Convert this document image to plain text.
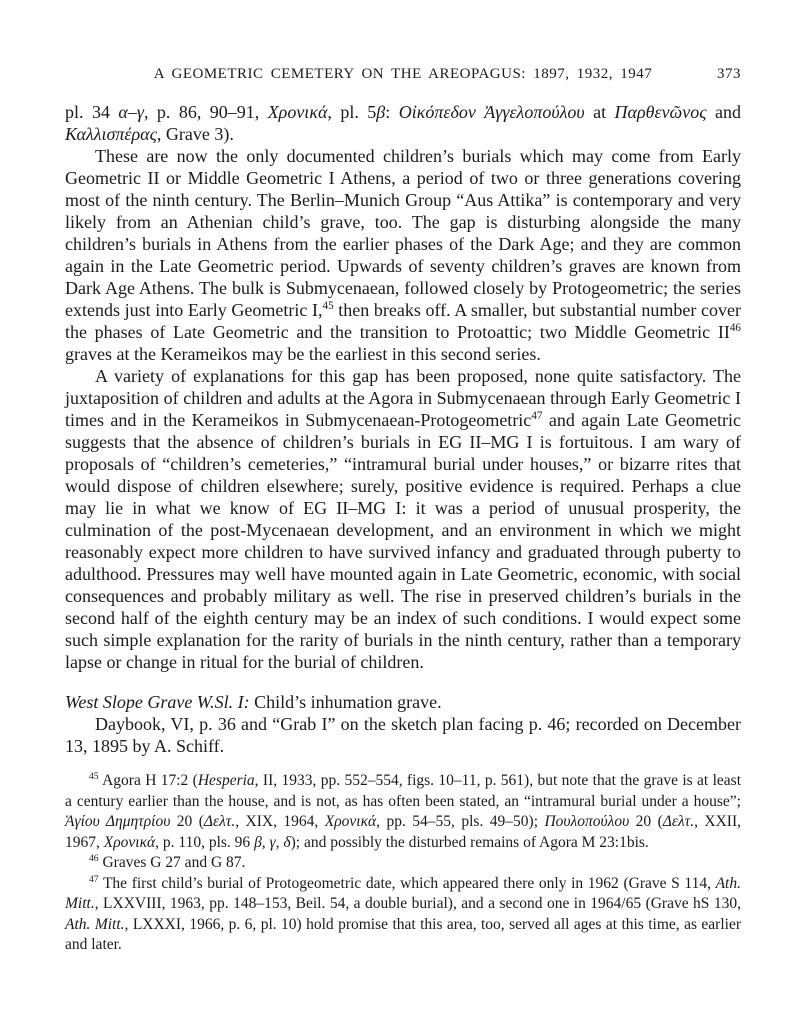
A GEOMETRIC CEMETERY ON THE AREOPAGUS: 1897, 1932, 1947	373

pl. 34 α–γ, p. 86, 90–91, Χρονικά, pl. 5β: Οἰκόπεδον Ἀγγελοπούλου at Παρθενῶνος and Καλλισπέρας, Grave 3).

These are now the only documented children’s burials which may come from Early Geometric II or Middle Geometric I Athens, a period of two or three generations covering most of the ninth century. The Berlin–Munich Group “Aus Attika” is contemporary and very likely from an Athenian child’s grave, too. The gap is disturbing alongside the many children’s burials in Athens from the earlier phases of the Dark Age; and they are common again in the Late Geometric period. Upwards of seventy children’s graves are known from Dark Age Athens. The bulk is Submycenaean, followed closely by Protogeometric; the series extends just into Early Geometric I,$^{45}$ then breaks off. A smaller, but substantial number cover the phases of Late Geometric and the transition to Protoattic; two Middle Geometric II$^{46}$ graves at the Kerameikos may be the earliest in this second series.

A variety of explanations for this gap has been proposed, none quite satisfactory. The juxtaposition of children and adults at the Agora in Submycenaean through Early Geometric I times and in the Kerameikos in Submycenaean-Protogeometric$^{47}$ and again Late Geometric suggests that the absence of children’s burials in EG II–MG I is fortuitous. I am wary of proposals of “children’s cemeteries,” “intramural burial under houses,” or bizarre rites that would dispose of children elsewhere; surely, positive evidence is required. Perhaps a clue may lie in what we know of EG II–MG I: it was a period of unusual prosperity, the culmination of the post-Mycenaean development, and an environment in which we might reasonably expect more children to have survived infancy and graduated through puberty to adulthood. Pressures may well have mounted again in Late Geometric, economic, with social consequences and probably military as well. The rise in preserved children’s burials in the second half of the eighth century may be an index of such conditions. I would expect some such simple explanation for the rarity of burials in the ninth century, rather than a temporary lapse or change in ritual for the burial of children.

West Slope Grave W.Sl. I: Child’s inhumation grave.

Daybook, VI, p. 36 and “Grab I” on the sketch plan facing p. 46; recorded on December 13, 1895 by A. Schiff.

$^{45}$ Agora H 17:2 (Hesperia, II, 1933, pp. 552–554, figs. 10–11, p. 561), but note that the grave is at least a century earlier than the house, and is not, as has often been stated, an “intramural burial under a house”; Ἁγίου Δημητρίου 20 (Δελτ., XIX, 1964, Χρονικά, pp. 54–55, pls. 49–50); Πουλοπούλου 20 (Δελτ., XXII, 1967, Χρονικά, p. 110, pls. 96 β, γ, δ); and possibly the disturbed remains of Agora M 23:1bis.

$^{46}$ Graves G 27 and G 87.

$^{47}$ The first child’s burial of Protogeometric date, which appeared there only in 1962 (Grave S 114, Ath. Mitt., LXXVIII, 1963, pp. 148–153, Beil. 54, a double burial), and a second one in 1964/65 (Grave hS 130, Ath. Mitt., LXXXI, 1966, p. 6, pl. 10) hold promise that this area, too, served all ages at this time, as earlier and later.
